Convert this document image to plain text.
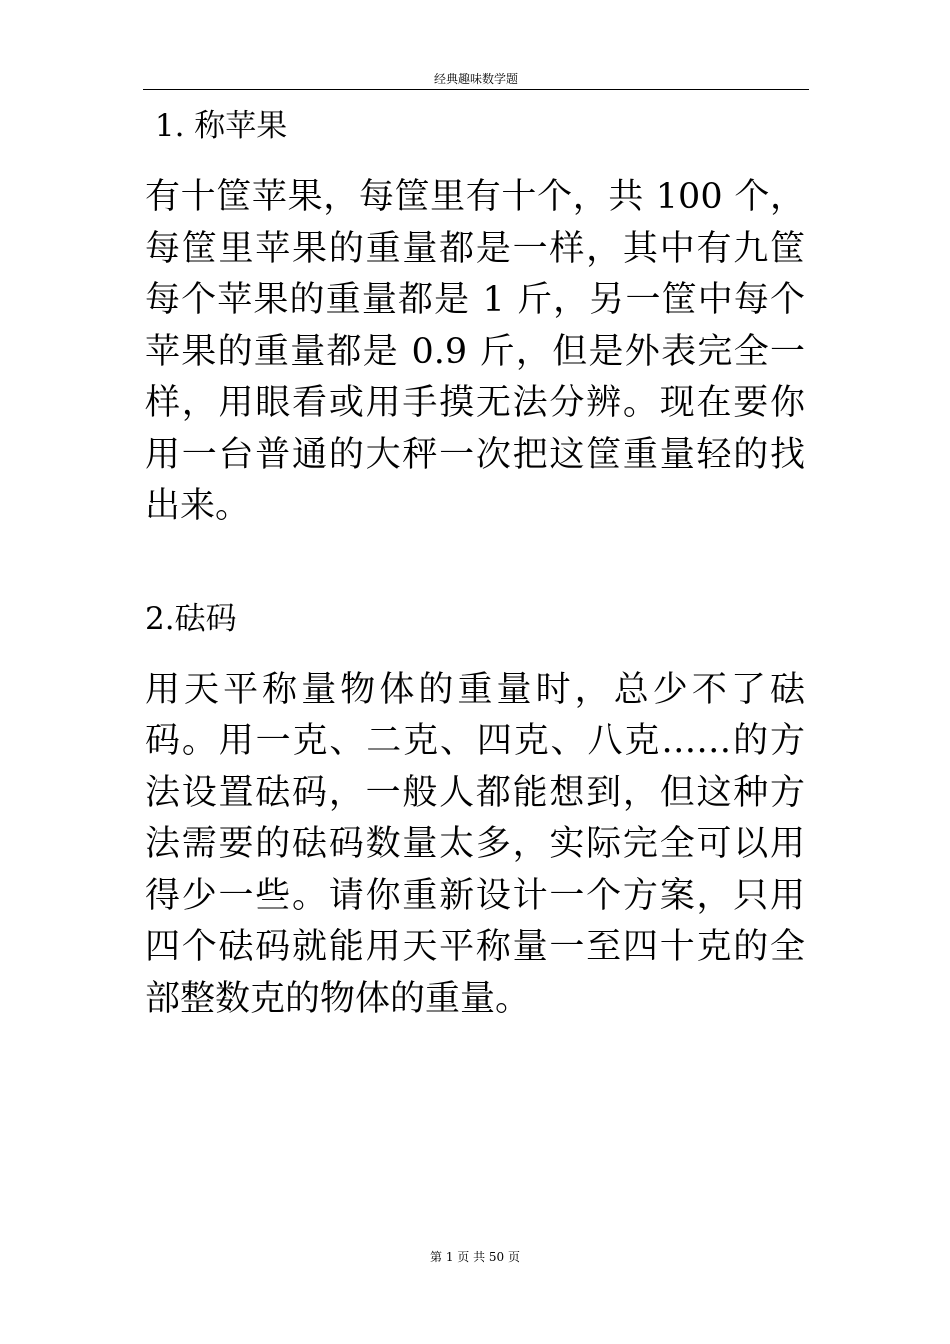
经典趣味数学题
1. 称苹果

有十筐苹果，每筐里有十个，共 100 个，每筐里苹果的重量都是一样，其中有九筐每个苹果的重量都是 1 斤，另一筐中每个苹果的重量都是 0.9 斤，但是外表完全一样，用眼看或用手摸无法分辨。现在要你用一台普通的大秤一次把这筐重量轻的找出来。

2.砝码

用天平称量物体的重量时，总少不了砝码。用一克、二克、四克、八克……的方法设置砝码，一般人都能想到，但这种方法需要的砝码数量太多，实际完全可以用得少一些。请你重新设计一个方案，只用四个砝码就能用天平称量一至四十克的全部整数克的物体的重量。

第 1 页 共 50 页
